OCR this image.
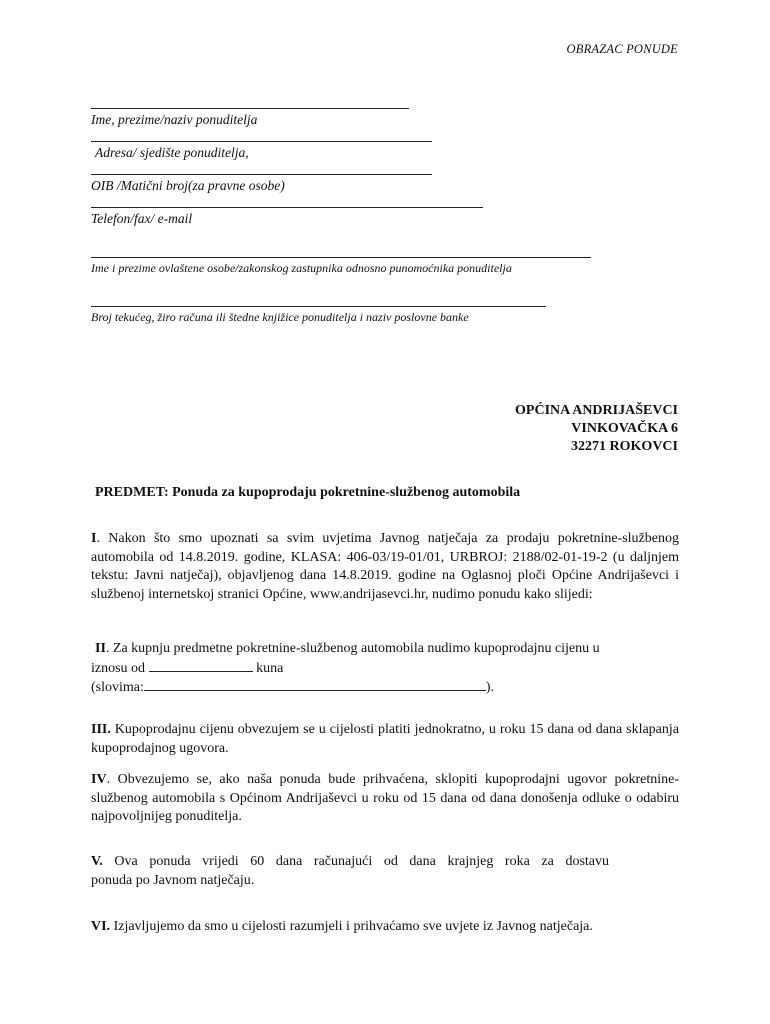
OBRAZAC PONUDE
Ime, prezime/naziv ponuditelja
Adresa/ sjedište ponuditelja,
OIB /Matični broj(za pravne osobe)
Telefon/fax/ e-mail
Ime i prezime ovlaštene osobe/zakonskog zastupnika odnosno punomoćnika ponuditelja
Broj tekućeg, žiro računa ili štedne knjižice ponuditelja i naziv poslovne banke
OPĆINA ANDRIJAŠEVCI
VINKOVAČKA 6
32271 ROKOVCI
PREDMET: Ponuda za kupoprodaju pokretnine-službenog automobila
I. Nakon što smo upoznati sa svim uvjetima Javnog natječaja za prodaju pokretnine-službenog automobila od 14.8.2019. godine, KLASA: 406-03/19-01/01, URBROJ: 2188/02-01-19-2 (u daljnjem tekstu: Javni natječaj), objavljenog dana 14.8.2019. godine na Oglasnoj ploči Općine Andrijaševci i službenoj internetskoj stranici Općine, www.andrijasevci.hr, nudimo ponudu kako slijedi:
II. Za kupnju predmetne pokretnine-službenog automobila nudimo kupoprodajnu cijenu u
iznosu od	kuna
(slovima:	).
III. Kupoprodajnu cijenu obvezujem se u cijelosti platiti jednokratno, u roku 15 dana od dana sklapanja kupoprodajnog ugovora.
IV. Obvezujemo se, ako naša ponuda bude prihvaćena, sklopiti kupoprodajni ugovor pokretnine-službenog automobila s Općinom Andrijaševci u roku od 15 dana od dana donošenja odluke o odabiru najpovoljnijeg ponuditelja.
V. Ova ponuda vrijedi 60 dana računajući od dana krajnjeg roka za dostavu
ponuda po Javnom natječaju.
VI. Izjavljujemo da smo u cijelosti razumjeli i prihvaćamo sve uvjete iz Javnog natječaja.
